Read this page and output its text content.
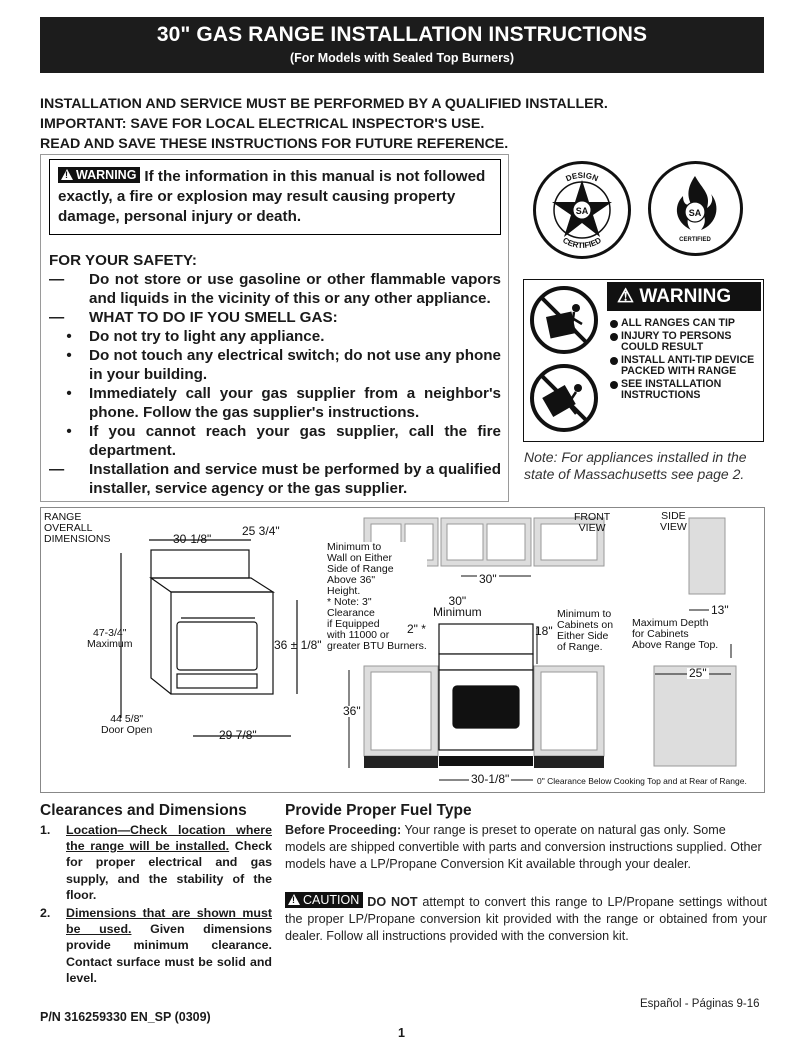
30" GAS RANGE INSTALLATION INSTRUCTIONS
(For Models with Sealed Top Burners)
INSTALLATION AND SERVICE MUST BE PERFORMED BY A QUALIFIED INSTALLER.
IMPORTANT: SAVE FOR LOCAL ELECTRICAL INSPECTOR'S USE.
READ AND SAVE THESE INSTRUCTIONS FOR FUTURE REFERENCE.
! WARNING If the information in this manual is not followed exactly, a fire or explosion may result causing property damage, personal injury or death.
FOR YOUR SAFETY:
—	Do not store or use gasoline or other flammable vapors and liquids in the vicinity of this or any other appliance.
—	WHAT TO DO IF YOU SMELL GAS:
•	Do not try to light any appliance.
•	Do not touch any electrical switch; do not use any phone in your building.
•	Immediately call your gas supplier from a neighbor's phone. Follow the gas supplier's instructions.
•	If you cannot reach your gas supplier, call the fire department.
—	Installation and service must be performed by a qualified installer, service agency or the gas supplier.
SA
DESIGN
CERTIFIED
SA
CERTIFIED
⚠ WARNING
ALL RANGES CAN TIP
INJURY TO PERSONS COULD RESULT
INSTALL ANTI-TIP DEVICE PACKED WITH RANGE
SEE INSTALLATION INSTRUCTIONS
Note: For appliances installed in the state of Massachusetts see page 2.
RANGE
OVERALL
DIMENSIONS	30-1/8"
25 3/4"
47-3/4"
Maximum	36 ± 1/8"
44 5/8"
Door Open	29 7/8"
FRONT
VIEW
SIDE
VIEW
Minimum to
Wall on Either
Side of Range
Above 36"
Height.
* Note: 3"
Clearance
if Equipped
with 11000 or
greater BTU Burners.
30"
30"
Minimum
2" *	18"
Minimum to
Cabinets on
Either Side
of Range.
36"
30-1/8"	0" Clearance Below Cooking Top and at Rear of Range.
Maximum Depth
for Cabinets
Above Range Top.
13"
25"
Clearances and Dimensions
1.	Location—Check location where the range will be installed. Check for proper electrical and gas supply, and the stability of the floor.
2.	Dimensions that are shown must be used. Given dimensions provide minimum clearance. Contact surface must be solid and level.
Provide Proper Fuel Type

Before Proceeding: Your range is preset to operate on natural gas only. Some models are shipped convertible with parts and conversion instructions supplied. Other models have a LP/Propane Conversion Kit available through your dealer.

! CAUTION DO NOT attempt to convert this range to LP/Propane settings without the proper LP/Propane conversion kit provided with the range or obtained from your dealer. Follow all instructions provided with the conversion kit.

P/N 316259330 EN_SP (0309)
Español - Páginas 9-16
1
